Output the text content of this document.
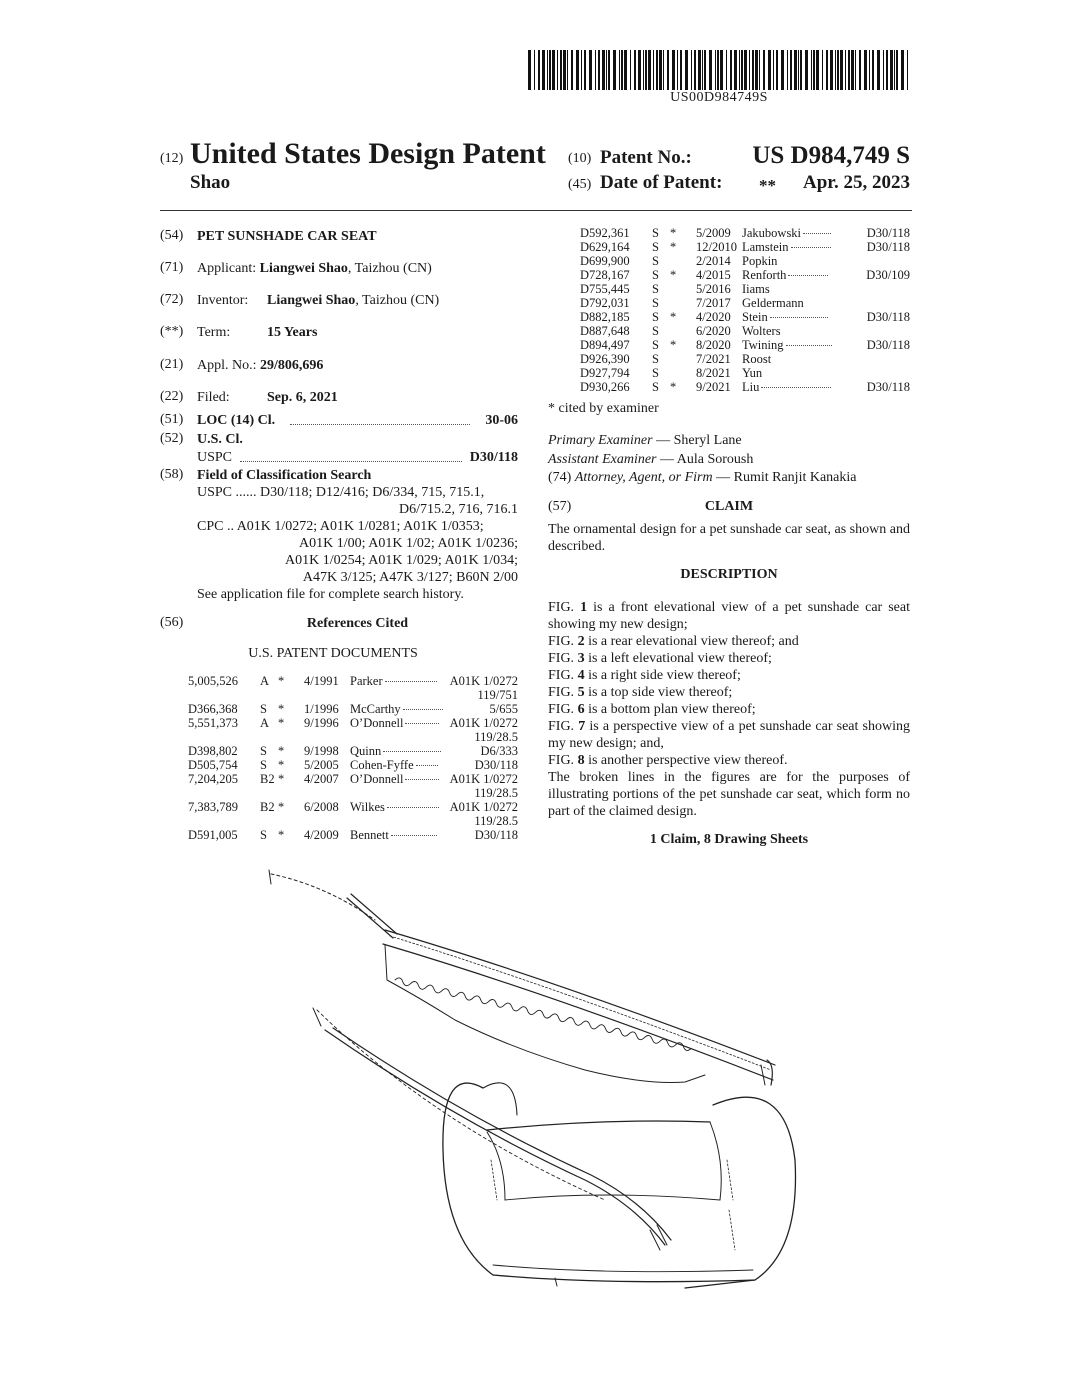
US00D984749S
(12) United States Design Patent
Shao
(10) Patent No.:	US D984,749 S
(45) Date of Patent: **	Apr. 25, 2023
(54) PET SUNSHADE CAR SEAT
(71) Applicant: Liangwei Shao, Taizhou (CN)
(72) Inventor: Liangwei Shao, Taizhou (CN)
(**) Term:	15 Years
(21) Appl. No.: 29/806,696
(22) Filed:	Sep. 6, 2021
(51) LOC (14) Cl.	30-06
(52) U.S. Cl.
USPC	D30/118
(58) Field of Classification Search
USPC ...... D30/118; D12/416; D6/334, 715, 715.1,
D6/715.2, 716, 716.1
CPC .. A01K 1/0272; A01K 1/0281; A01K 1/0353;
A01K 1/00; A01K 1/02; A01K 1/0236;
A01K 1/0254; A01K 1/029; A01K 1/034;
A47K 3/125; A47K 3/127; B60N 2/00
See application file for complete search history.
(56)	References Cited
U.S. PATENT DOCUMENTS
5,005,526	A	*	4/1991	Parker	A01K 1/0272
119/751					
D366,368	S	*	1/1996	McCarthy	5/655
5,551,373	A	*	9/1996	O’Donnell	A01K 1/0272
119/28.5					
D398,802	S	*	9/1998	Quinn	D6/333
D505,754	S	*	5/2005	Cohen-Fyffe	D30/118
7,204,205	B2	*	4/2007	O’Donnell	A01K 1/0272
119/28.5					
7,383,789	B2	*	6/2008	Wilkes	A01K 1/0272
119/28.5					
D591,005	S	*	4/2009	Bennett	D30/118
D592,361	S	*	5/2009	Jakubowski	D30/118
D629,164	S	*	12/2010	Lamstein	D30/118
D699,900	S		2/2014	Popkin	
D728,167	S	*	4/2015	Renforth	D30/109
D755,445	S		5/2016	Iiams	
D792,031	S		7/2017	Geldermann	
D882,185	S	*	4/2020	Stein	D30/118
D887,648	S		6/2020	Wolters	
D894,497	S	*	8/2020	Twining	D30/118
D926,390	S		7/2021	Roost	
D927,794	S		8/2021	Yun	
D930,266	S	*	9/2021	Liu	D30/118
* cited by examiner
Primary Examiner — Sheryl Lane
Assistant Examiner — Aula Soroush
(74) Attorney, Agent, or Firm — Rumit Ranjit Kanakia
(57)	CLAIM
The ornamental design for a pet sunshade car seat, as shown and described.
DESCRIPTION

FIG. 1 is a front elevational view of a pet sunshade car seat showing my new design;

FIG. 2 is a rear elevational view thereof; and

FIG. 3 is a left elevational view thereof;

FIG. 4 is a right side view thereof;

FIG. 5 is a top side view thereof;

FIG. 6 is a bottom plan view thereof;

FIG. 7 is a perspective view of a pet sunshade car seat showing my new design; and,

FIG. 8 is another perspective view thereof.

The broken lines in the figures are for the purposes of illustrating portions of the pet sunshade car seat, which form no part of the claimed design.

1 Claim, 8 Drawing Sheets
